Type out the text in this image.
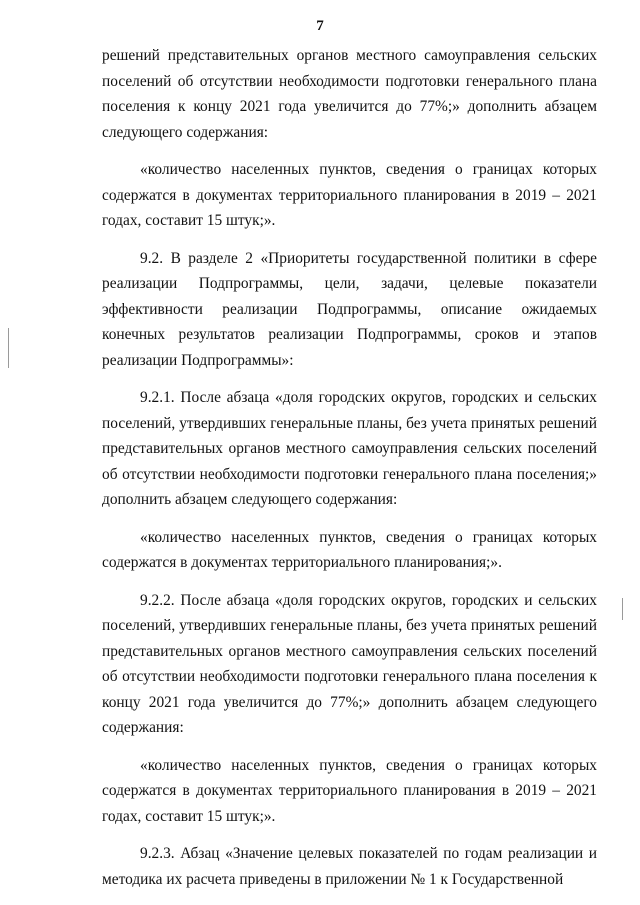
7

решений представительных органов местного самоуправления сельских поселений об отсутствии необходимости подготовки генерального плана поселения к концу 2021 года увеличится до 77%;» дополнить абзацем следующего содержания:

«количество населенных пунктов, сведения о границах которых содержатся в документах территориального планирования в 2019 – 2021 годах, составит 15 штук;».

9.2. В разделе 2 «Приоритеты государственной политики в сфере реализации Подпрограммы, цели, задачи, целевые показатели эффективности реализации Подпрограммы, описание ожидаемых конечных результатов реализации Подпрограммы, сроков и этапов реализации Подпрограммы»:

9.2.1. После абзаца «доля городских округов, городских и сельских поселений, утвердивших генеральные планы, без учета принятых решений представительных органов местного самоуправления сельских поселений об отсутствии необходимости подготовки генерального плана поселения;» дополнить абзацем следующего содержания:

«количество населенных пунктов, сведения о границах которых содержатся в документах территориального планирования;».

9.2.2. После абзаца «доля городских округов, городских и сельских поселений, утвердивших генеральные планы, без учета принятых решений представительных органов местного самоуправления сельских поселений об отсутствии необходимости подготовки генерального плана поселения к концу 2021 года увеличится до 77%;» дополнить абзацем следующего содержания:

«количество населенных пунктов, сведения о границах которых содержатся в документах территориального планирования в 2019 – 2021 годах, составит 15 штук;».

9.2.3. Абзац «Значение целевых показателей по годам реализации и методика их расчета приведены в приложении № 1 к Государственной
